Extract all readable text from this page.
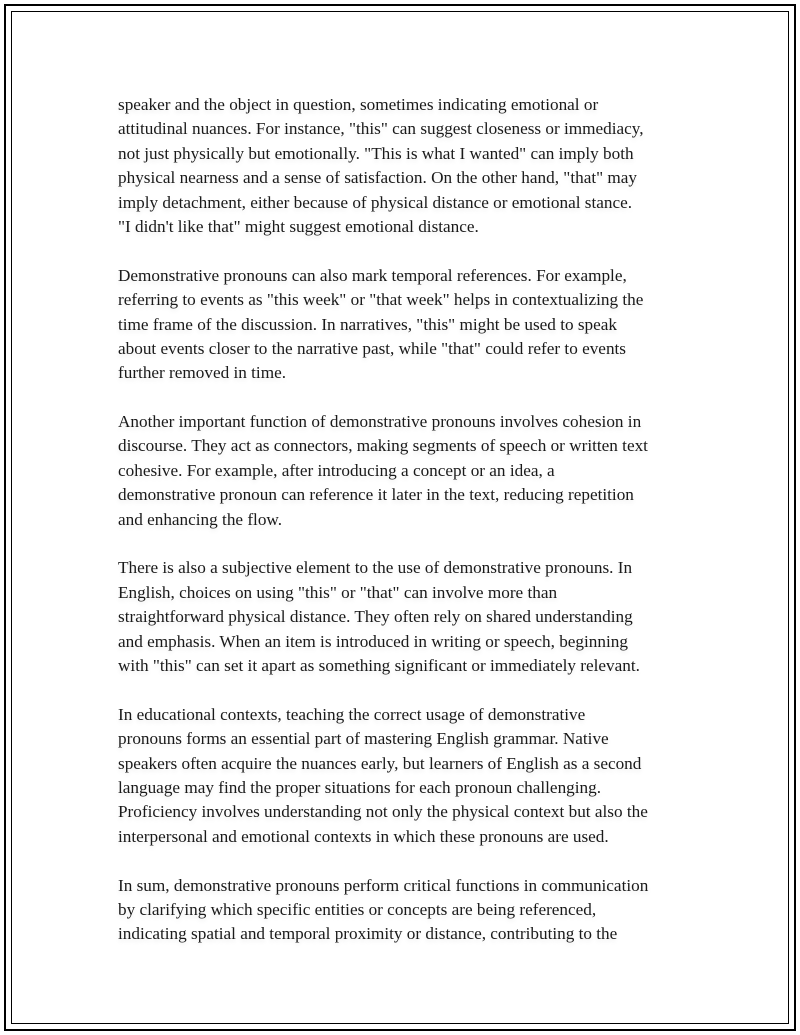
speaker and the object in question, sometimes indicating emotional or
attitudinal nuances. For instance, "this" can suggest closeness or immediacy,
not just physically but emotionally. "This is what I wanted" can imply both
physical nearness and a sense of satisfaction. On the other hand, "that" may
imply detachment, either because of physical distance or emotional stance.
"I didn't like that" might suggest emotional distance.

Demonstrative pronouns can also mark temporal references. For example,
referring to events as "this week" or "that week" helps in contextualizing the
time frame of the discussion. In narratives, "this" might be used to speak
about events closer to the narrative past, while "that" could refer to events
further removed in time.

Another important function of demonstrative pronouns involves cohesion in
discourse. They act as connectors, making segments of speech or written text
cohesive. For example, after introducing a concept or an idea, a
demonstrative pronoun can reference it later in the text, reducing repetition
and enhancing the flow.

There is also a subjective element to the use of demonstrative pronouns. In
English, choices on using "this" or "that" can involve more than
straightforward physical distance. They often rely on shared understanding
and emphasis. When an item is introduced in writing or speech, beginning
with "this" can set it apart as something significant or immediately relevant.

In educational contexts, teaching the correct usage of demonstrative
pronouns forms an essential part of mastering English grammar. Native
speakers often acquire the nuances early, but learners of English as a second
language may find the proper situations for each pronoun challenging.
Proficiency involves understanding not only the physical context but also the
interpersonal and emotional contexts in which these pronouns are used.

In sum, demonstrative pronouns perform critical functions in communication
by clarifying which specific entities or concepts are being referenced,
indicating spatial and temporal proximity or distance, contributing to the
